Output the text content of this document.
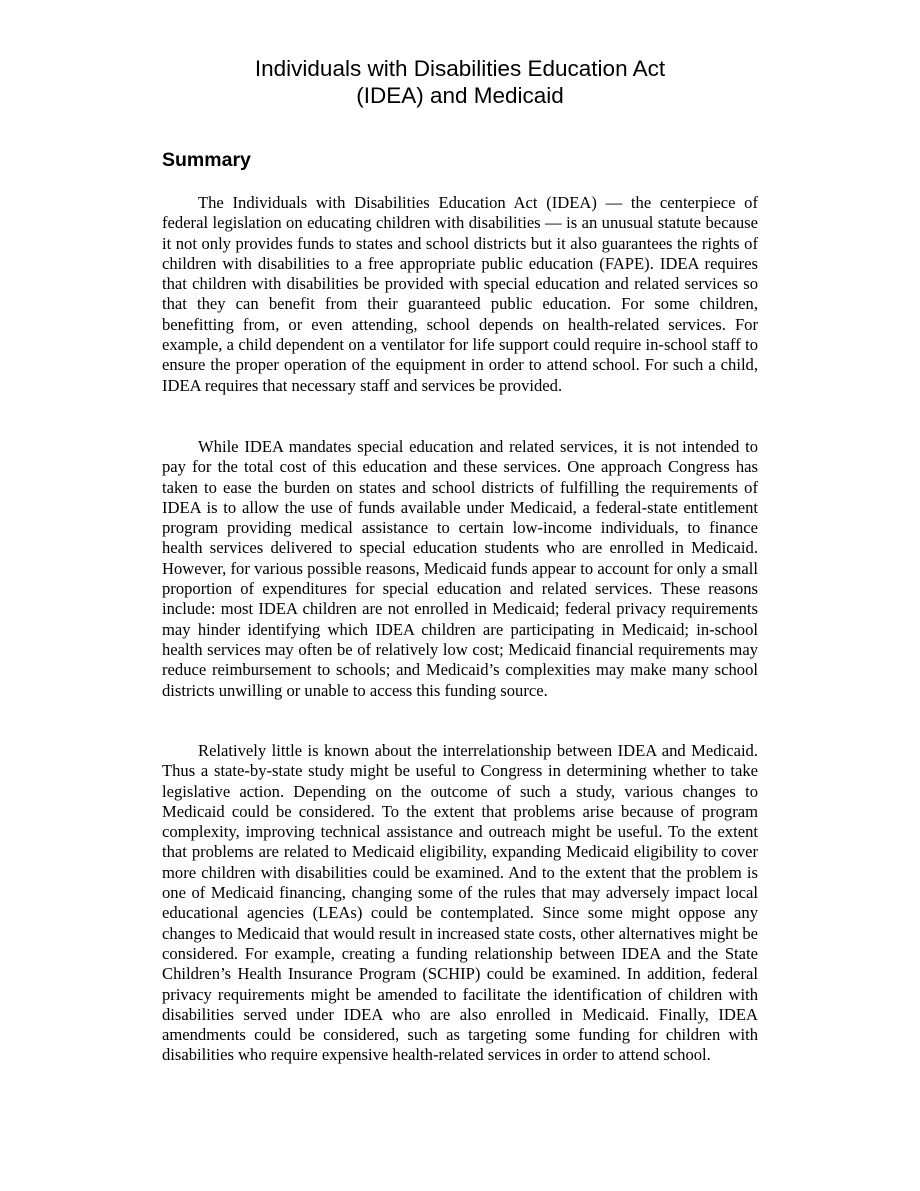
Individuals with Disabilities Education Act
(IDEA) and Medicaid
Summary

The Individuals with Disabilities Education Act (IDEA) — the centerpiece of federal legislation on educating children with disabilities — is an unusual statute because it not only provides funds to states and school districts but it also guarantees the rights of children with disabilities to a free appropriate public education (FAPE). IDEA requires that children with disabilities be provided with special education and related services so that they can benefit from their guaranteed public education. For some children, benefitting from, or even attending, school depends on health-related services. For example, a child dependent on a ventilator for life support could require in-school staff to ensure the proper operation of the equipment in order to attend school. For such a child, IDEA requires that necessary staff and services be provided.

While IDEA mandates special education and related services, it is not intended to pay for the total cost of this education and these services. One approach Congress has taken to ease the burden on states and school districts of fulfilling the requirements of IDEA is to allow the use of funds available under Medicaid, a federal-state entitlement program providing medical assistance to certain low-income individuals, to finance health services delivered to special education students who are enrolled in Medicaid. However, for various possible reasons, Medicaid funds appear to account for only a small proportion of expenditures for special education and related services. These reasons include: most IDEA children are not enrolled in Medicaid; federal privacy requirements may hinder identifying which IDEA children are participating in Medicaid; in-school health services may often be of relatively low cost; Medicaid financial requirements may reduce reimbursement to schools; and Medicaid’s complexities may make many school districts unwilling or unable to access this funding source.

Relatively little is known about the interrelationship between IDEA and Medicaid. Thus a state-by-state study might be useful to Congress in determining whether to take legislative action. Depending on the outcome of such a study, various changes to Medicaid could be considered. To the extent that problems arise because of program complexity, improving technical assistance and outreach might be useful. To the extent that problems are related to Medicaid eligibility, expanding Medicaid eligibility to cover more children with disabilities could be examined. And to the extent that the problem is one of Medicaid financing, changing some of the rules that may adversely impact local educational agencies (LEAs) could be contemplated. Since some might oppose any changes to Medicaid that would result in increased state costs, other alternatives might be considered. For example, creating a funding relationship between IDEA and the State Children’s Health Insurance Program (SCHIP) could be examined. In addition, federal privacy requirements might be amended to facilitate the identification of children with disabilities served under IDEA who are also enrolled in Medicaid. Finally, IDEA amendments could be considered, such as targeting some funding for children with disabilities who require expensive health-related services in order to attend school.
